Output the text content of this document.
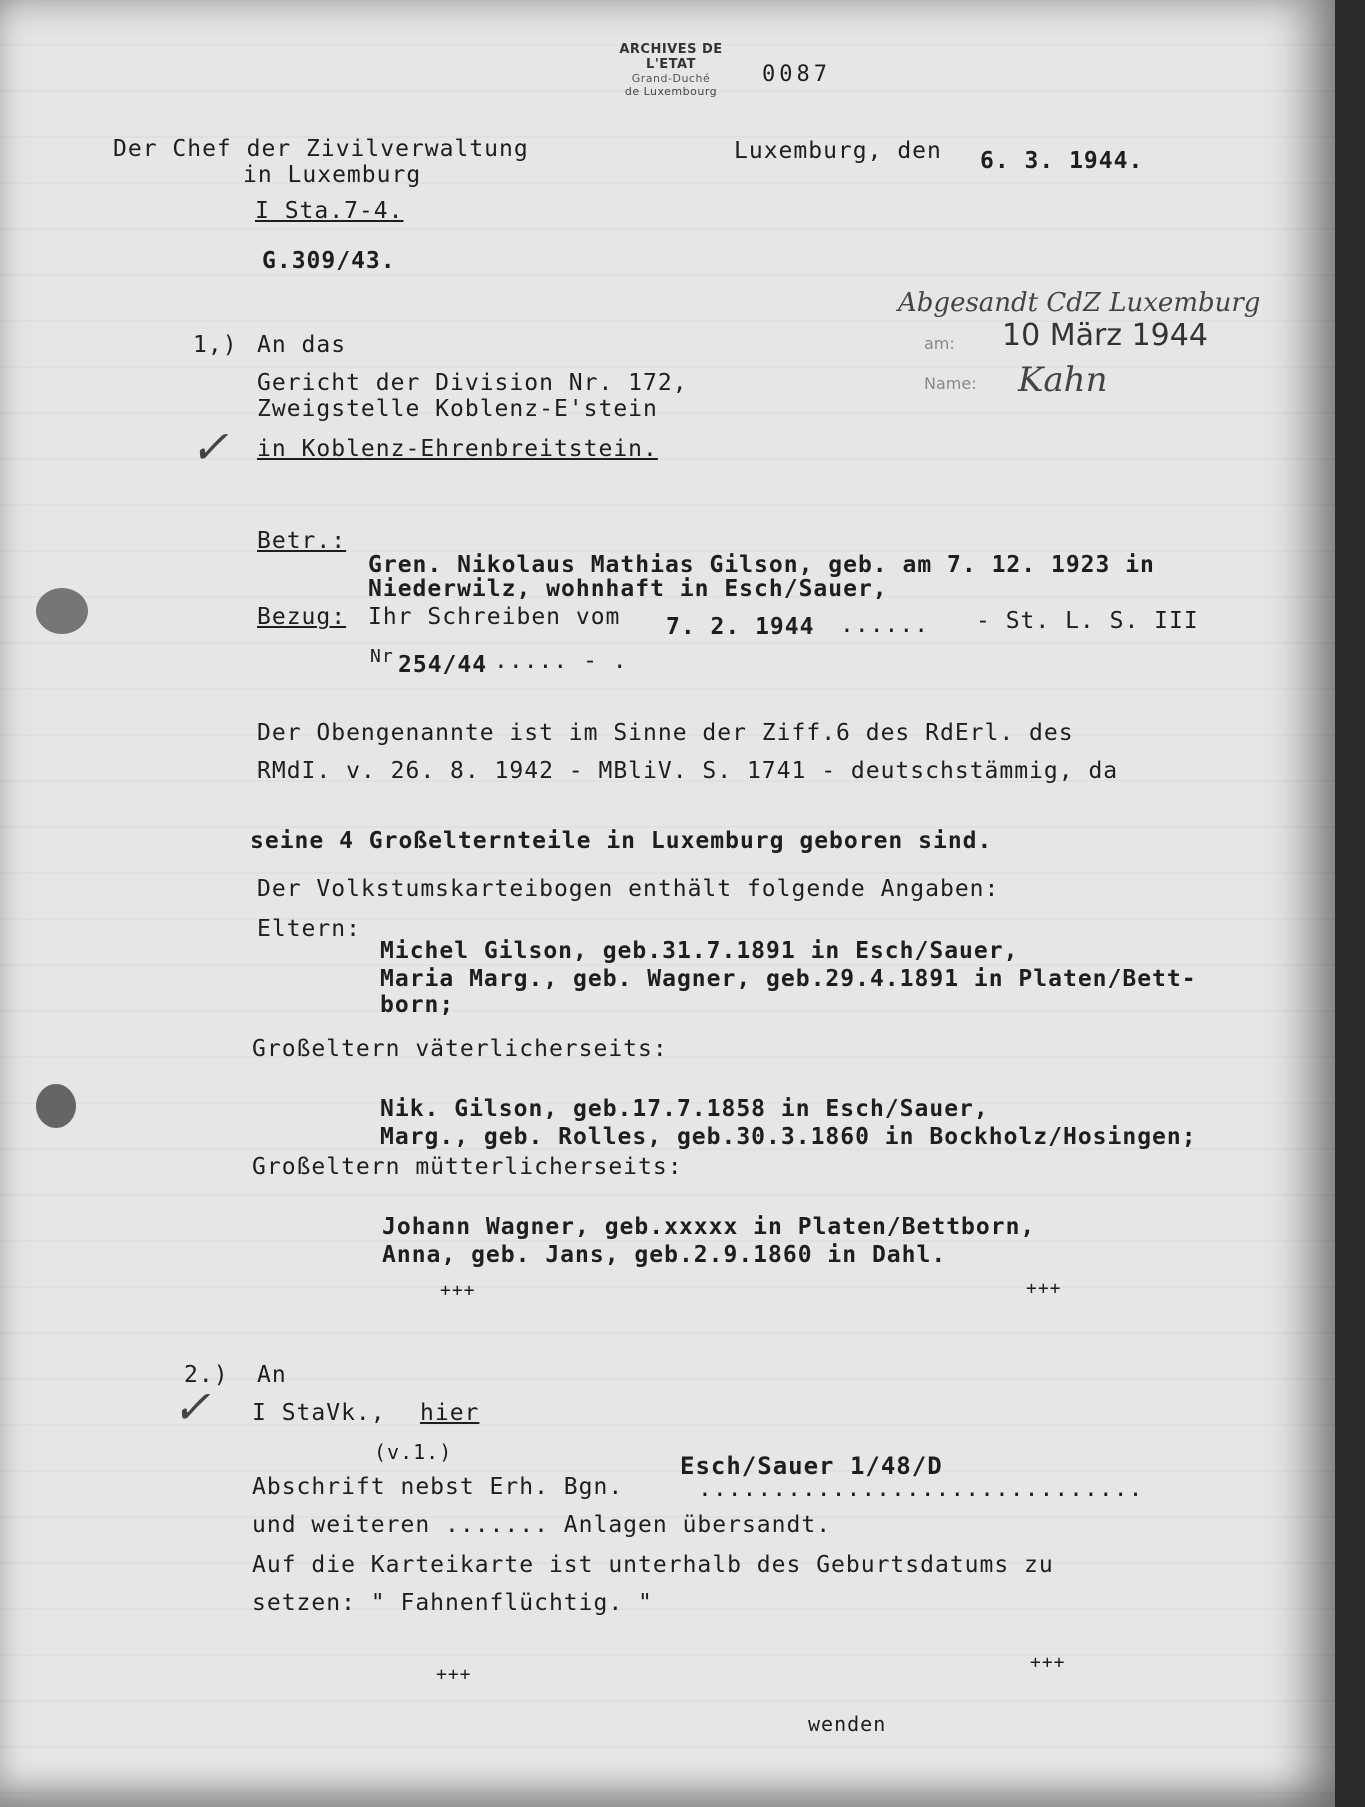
ARCHIVES DE L'ETAT
Grand-Duché
de Luxembourg
0087
Der Chef der Zivilverwaltung
in Luxemburg
I Sta.7-4.
G.309/43.
Luxemburg, den 6. 3. 1944.
Abgesandt CdZ Luxemburg
am: 10 März 1944
Name: Kahn
1,) An das
Gericht der Division Nr. 172,
Zweigstelle Koblenz-E'stein
in Koblenz-Ehrenbreitstein.
✓
Betr.:
Gren. Nikolaus Mathias Gilson, geb. am 7. 12. 1923 in
Niederwilz, wohnhaft in Esch/Sauer,
Bezug: Ihr Schreiben vom 7. 2. 1944 ...... - St. L. S. III
Nr 254/44 ..... - .
Der Obengenannte ist im Sinne der Ziff.6 des RdErl. des
RMdI. v. 26. 8. 1942 - MBliV. S. 1741 - deutschstämmig, da
seine 4 Großelternteile in Luxemburg geboren sind.
Der Volkstumskarteibogen enthält folgende Angaben:
Eltern:
Michel Gilson, geb.31.7.1891 in Esch/Sauer,
Maria Marg., geb. Wagner, geb.29.4.1891 in Platen/Bett-
born;
Großeltern väterlicherseits:
Nik. Gilson, geb.17.7.1858 in Esch/Sauer,
Marg., geb. Rolles, geb.30.3.1860 in Bockholz/Hosingen;
Großeltern mütterlicherseits:
Johann Wagner, geb.xxxxx in Platen/Bettborn,
Anna, geb. Jans, geb.2.9.1860 in Dahl.
+++	+++
2.) An
✓ I StaVk., hier
(v.1.)	Esch/Sauer 1/48/D
Abschrift nebst Erh. Bgn.	..............................
und weiteren ....... Anlagen übersandt.
Auf die Karteikarte ist unterhalb des Geburtsdatums zu
setzen: " Fahnenflüchtig. "
+++
+++
wenden
